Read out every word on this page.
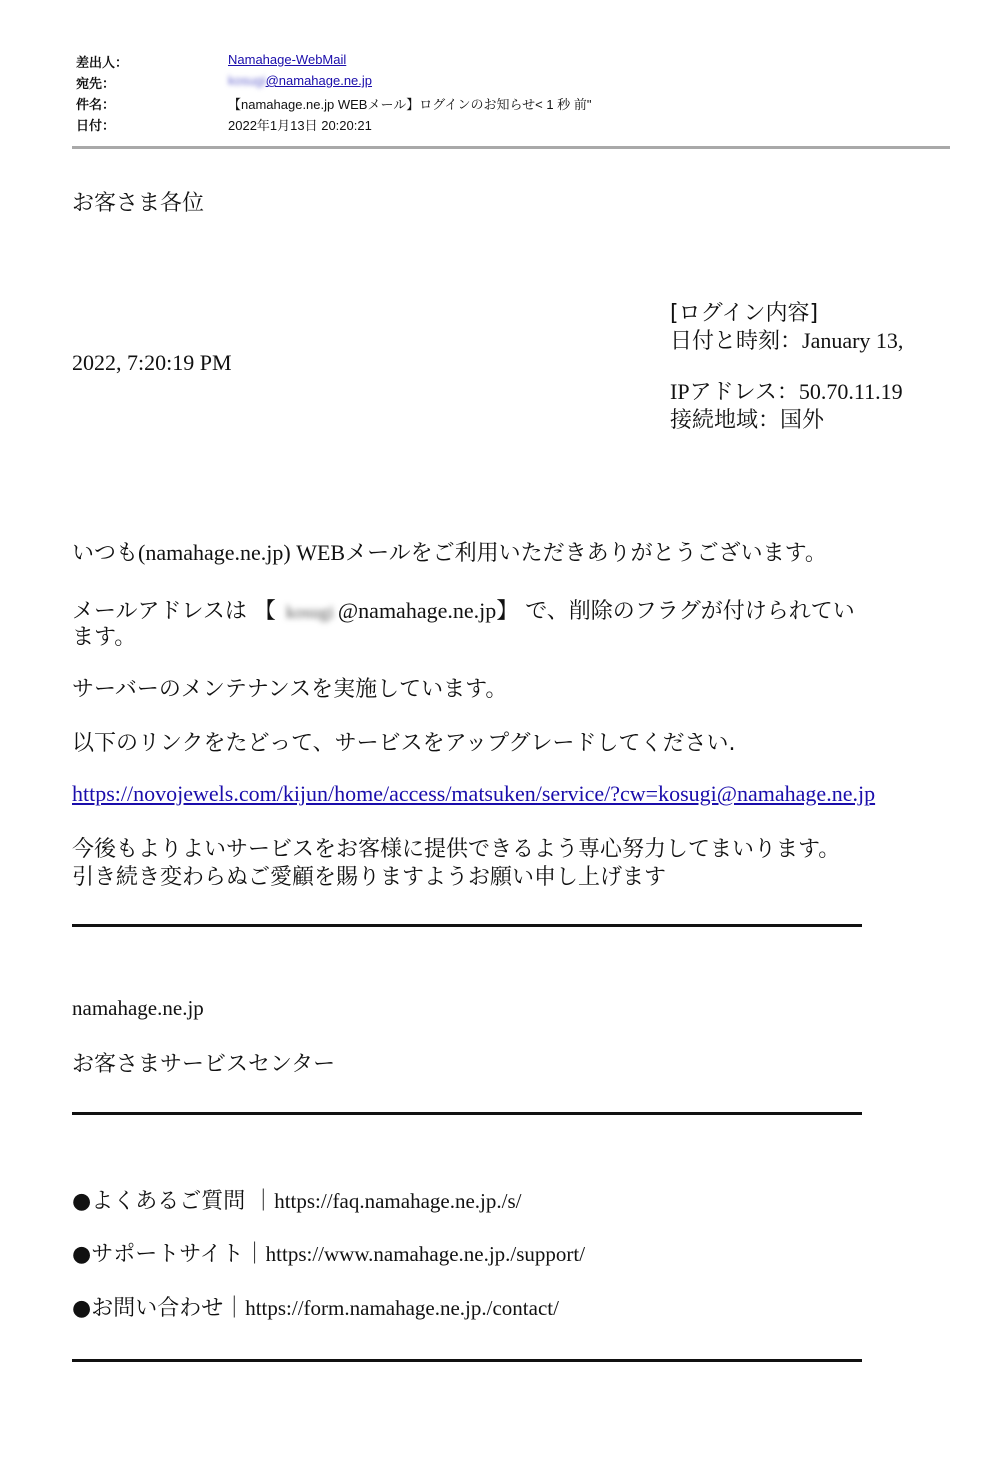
差出人：	Namahage-WebMail
宛先：	kosugi@namahage.ne.jp
件名：	【namahage.ne.jp WEBメール】ログインのお知らせ< 1 秒 前"
日付：	2022年1月13日 20:20:21
お客さま各位
[ログイン内容]
日付と時刻：January 13,
2022, 7:20:19 PM
IPアドレス：50.70.11.19
接続地域：国外
いつも(namahage.ne.jp) WEBメールをご利用いただきありがとうございます。
メールアドレスは 【 kosugi @namahage.ne.jp】 で、削除のフラグが付けられてい
ます。
サーバーのメンテナンスを実施しています。
以下のリンクをたどって、サービスをアップグレードしてください.
https://novojewels.com/kijun/home/access/matsuken/service/?cw=kosugi@namahage.ne.jp
今後もよりよいサービスをお客様に提供できるよう専心努力してまいります。
引き続き変わらぬご愛顧を賜りますようお願い申し上げます
namahage.ne.jp
お客さまサービスセンター
●よくあるご質問 ｜https://faq.namahage.ne.jp./s/
●サポートサイト｜https://www.namahage.ne.jp./support/
●お問い合わせ｜https://form.namahage.ne.jp./contact/
